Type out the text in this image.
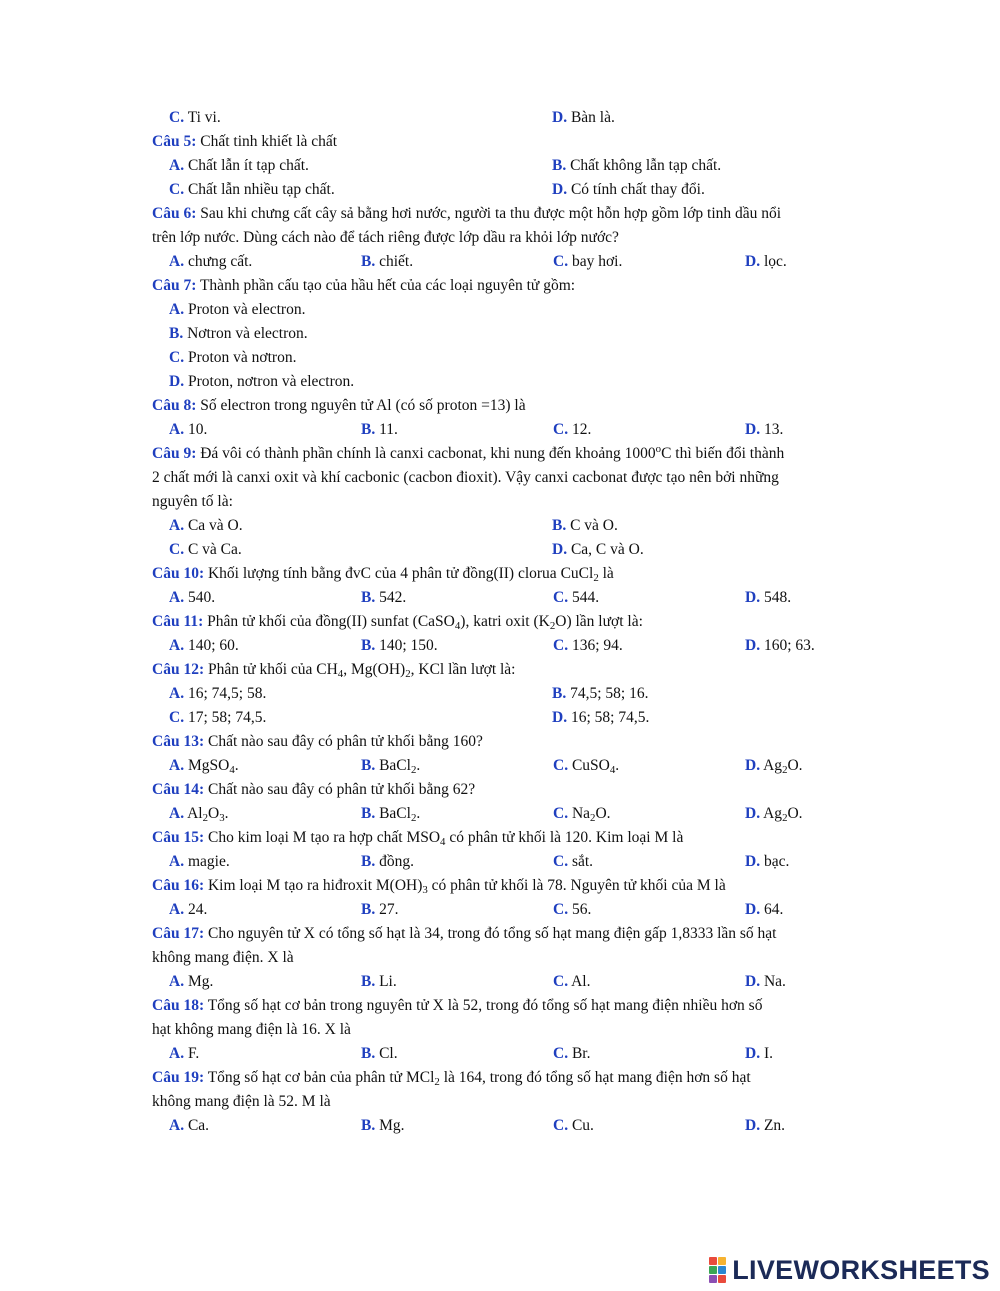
C. Ti vi.	D. Bàn là.

Câu 5: Chất tinh khiết là chất

A. Chất lẫn ít tạp chất.	B. Chất không lẫn tạp chất.
C. Chất lẫn nhiều tạp chất.	D. Có tính chất thay đổi.

Câu 6: Sau khi chưng cất cây sả bằng hơi nước, người ta thu được một hỗn hợp gồm lớp tinh dầu nổi
trên lớp nước. Dùng cách nào để tách riêng được lớp dầu ra khỏi lớp nước?

A. chưng cất.	B. chiết.	C. bay hơi.	D. lọc.

Câu 7: Thành phần cấu tạo của hầu hết của các loại nguyên tử gồm:

A. Proton và electron.
B. Nơtron và electron.
C. Proton và nơtron.
D. Proton, nơtron và electron.

Câu 8: Số electron trong nguyên tử Al (có số proton =13) là

A. 10.	B. 11.	C. 12.	D. 13.

Câu 9: Đá vôi có thành phần chính là canxi cacbonat, khi nung đến khoảng 1000$^o$C thì biến đổi thành
2 chất mới là canxi oxit và khí cacbonic (cacbon đioxit). Vậy canxi cacbonat được tạo nên bởi những
nguyên tố là:

A. Ca và O.	B. C và O.
C. C và Ca.	D. Ca, C và O.

Câu 10: Khối lượng tính bằng đvC của 4 phân tử đồng(II) clorua CuCl$_2$ là

A. 540.	B. 542.	C. 544.	D. 548.

Câu 11: Phân tử khối của đồng(II) sunfat (CaSO$_4$), katri oxit $(K_2O)$ lần lượt là:

A. 140; 60.	B. 140; 150.	C. 136; 94.	D. 160; 63.

Câu 12: Phân tử khối của $CH_4$, $Mg(OH)_2$, KCl lần lượt là:

A. 16; 74,5; 58.	B. 74,5; 58; 16.
C. 17; 58; 74,5.	D. 16; 58; 74,5.

Câu 13: Chất nào sau đây có phân tử khối bằng 160?

A. MgSO$_4$.	B. BaCl$_2$.	C. CuSO$_4$.	D. $Ag_2O$.

Câu 14: Chất nào sau đây có phân tử khối bằng 62?

A. $Al_2O_3$.	B. BaCl$_2$.	C. $Na_2O$.	D. $Ag_2O$.

Câu 15: Cho kim loại M tạo ra hợp chất $MSO_4$ có phân tử khối là 120. Kim loại M là

A. magie.	B. đồng.	C. sắt.	D. bạc.

Câu 16: Kim loại M tạo ra hiđroxit $M(OH)_3$ có phân tử khối là 78. Nguyên tử khối của M là

A. 24.	B. 27.	C. 56.	D. 64.

Câu 17: Cho nguyên tử X có tổng số hạt là 34, trong đó tổng số hạt mang điện gấp 1,8333 lần số hạt
không mang điện. X là

A. Mg.	B. Li.	C. Al.	D. Na.

Câu 18: Tổng số hạt cơ bản trong nguyên tử X là 52, trong đó tổng số hạt mang điện nhiều hơn số
hạt không mang điện là 16. X là

A. F.	B. Cl.	C. Br.	D. I.

Câu 19: Tổng số hạt cơ bản của phân tử MCl$_2$ là 164, trong đó tổng số hạt mang điện hơn số hạt
không mang điện là 52. M là

A. Ca.	B. Mg.	C. Cu.	D. Zn.
LIVEWORKSHEETS
